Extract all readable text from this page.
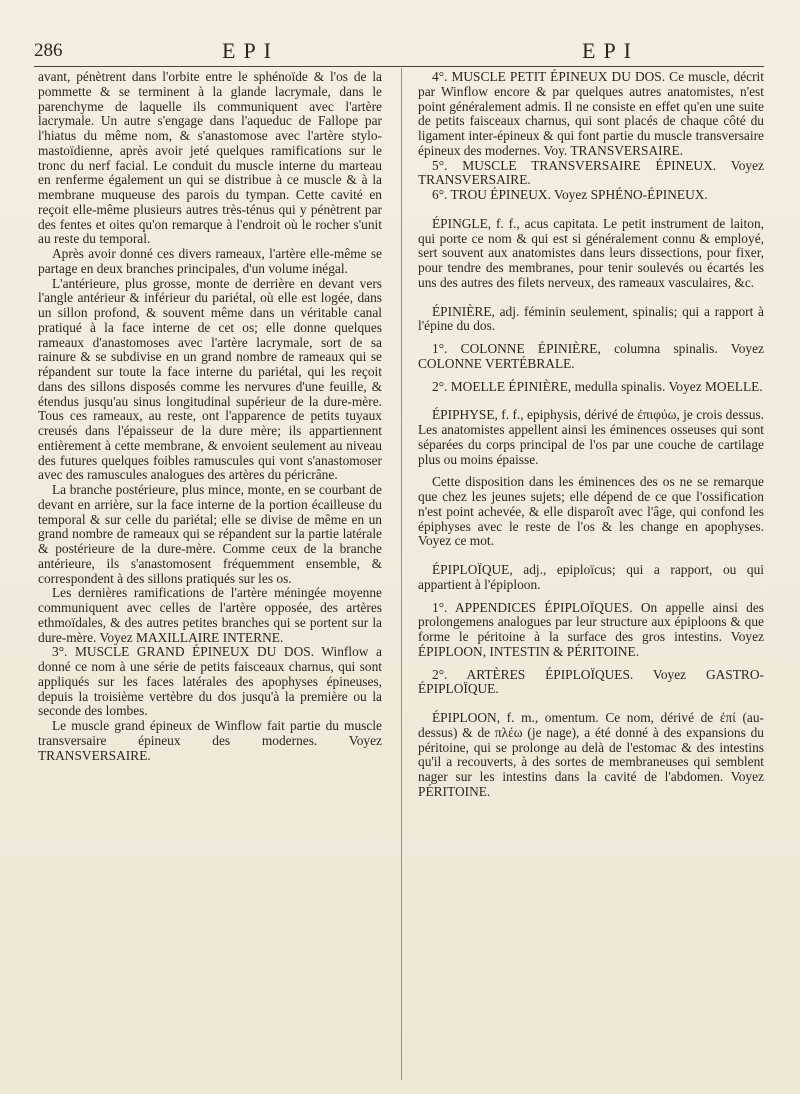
286	EPI	EPI

avant, pénètrent dans l'orbite entre le sphénoïde & l'os de la pommette & se terminent à la glande lacrymale, dans le parenchyme de laquelle ils communiquent avec l'artère lacrymale. Un autre s'engage dans l'aqueduc de Fallope par l'hiatus du même nom, & s'anastomose avec l'artère stylo-mastoïdienne, après avoir jeté quelques ramifications sur le tronc du nerf facial. Le conduit du muscle interne du marteau en renferme également un qui se distribue à ce muscle & à la membrane muqueuse des parois du tympan. Cette cavité en reçoit elle-même plusieurs autres très-ténus qui y pénètrent par des fentes et oites qu'on remarque à l'endroit où le rocher s'unit au reste du temporal.

Après avoir donné ces divers rameaux, l'artère elle-même se partage en deux branches principales, d'un volume inégal.

L'antérieure, plus grosse, monte de derrière en devant vers l'angle antérieur & inférieur du pariétal, où elle est logée, dans un sillon profond, & souvent même dans un véritable canal pratiqué à la face interne de cet os; elle donne quelques rameaux d'anastomoses avec l'artère lacrymale, sort de sa rainure & se subdivise en un grand nombre de rameaux qui se répandent sur toute la face interne du pariétal, qui les reçoit dans des sillons disposés comme les nervures d'une feuille, & étendus jusqu'au sinus longitudinal supérieur de la dure-mère. Tous ces rameaux, au reste, ont l'apparence de petits tuyaux creusés dans l'épaisseur de la dure mère; ils appartiennent entièrement à cette membrane, & envoient seulement au niveau des futures quelques foibles ramuscules qui vont s'anastomoser avec des ramuscules analogues des artères du péricrâne.

La branche postérieure, plus mince, monte, en se courbant de devant en arrière, sur la face interne de la portion écailleuse du temporal & sur celle du pariétal; elle se divise de même en un grand nombre de rameaux qui se répandent sur la partie latérale & postérieure de la dure-mère. Comme ceux de la branche antérieure, ils s'anastomosent fréquemment ensemble, & correspondent à des sillons pratiqués sur les os.

Les dernières ramifications de l'artère méningée moyenne communiquent avec celles de l'artère opposée, des artères ethmoïdales, & des autres petites branches qui se portent sur la dure-mère. Voyez MAXILLAIRE INTERNE.

3°. MUSCLE GRAND ÉPINEUX DU DOS. Winflow a donné ce nom à une série de petits faisceaux charnus, qui sont appliqués sur les faces latérales des apophyses épineuses, depuis la troisième vertèbre du dos jusqu'à la première ou la seconde des lombes.

Le muscle grand épineux de Winflow fait partie du muscle transversaire épineux des modernes. Voyez TRANSVERSAIRE.

4°. MUSCLE PETIT ÉPINEUX DU DOS. Ce muscle, décrit par Winflow encore & par quelques autres anatomistes, n'est point généralement admis. Il ne consiste en effet qu'en une suite de petits faisceaux charnus, qui sont placés de chaque côté du ligament inter-épineux & qui font partie du muscle transversaire épineux des modernes. Voy. TRANSVERSAIRE.

5°. MUSCLE TRANSVERSAIRE ÉPINEUX. Voyez TRANSVERSAIRE.

6°. TROU ÉPINEUX. Voyez SPHÉNO-ÉPINEUX.

ÉPINGLE, f. f., acus capitata. Le petit instrument de laiton, qui porte ce nom & qui est si généralement connu & employé, sert souvent aux anatomistes dans leurs dissections, pour fixer, pour tendre des membranes, pour tenir soulevés ou écartés les uns des autres des filets nerveux, des rameaux vasculaires, &c.

ÉPINIÈRE, adj. féminin seulement, spinalis; qui a rapport à l'épine du dos.

1°. COLONNE ÉPINIÈRE, columna spinalis. Voyez COLONNE VERTÉBRALE.

2°. MOELLE ÉPINIÈRE, medulla spinalis. Voyez MOELLE.

ÉPIPHYSE, f. f., epiphysis, dérivé de ἐπιφύω, je crois dessus. Les anatomistes appellent ainsi les éminences osseuses qui sont séparées du corps principal de l'os par une couche de cartilage plus ou moins épaisse.

Cette disposition dans les éminences des os ne se remarque que chez les jeunes sujets; elle dépend de ce que l'ossification n'est point achevée, & elle disparoît avec l'âge, qui confond les épiphyses avec le reste de l'os & les change en apophyses. Voyez ce mot.

ÉPIPLOÏQUE, adj., epiploïcus; qui a rapport, ou qui appartient à l'épiploon.

1°. APPENDICES ÉPIPLOÏQUES. On appelle ainsi des prolongemens analogues par leur structure aux épiploons & que forme le péritoine à la surface des gros intestins. Voyez ÉPIPLOON, INTESTIN & PÉRITOINE.

2°. ARTÈRES ÉPIPLOÏQUES. Voyez GASTRO-ÉPIPLOÏQUE.

ÉPIPLOON, f. m., omentum. Ce nom, dérivé de ἐπί (au-dessus) & de πλέω (je nage), a été donné à des expansions du péritoine, qui se prolonge au delà de l'estomac & des intestins qu'il a recouverts, à des sortes de membraneuses qui semblent nager sur les intestins dans la cavité de l'abdomen. Voyez PÉRITOINE.
